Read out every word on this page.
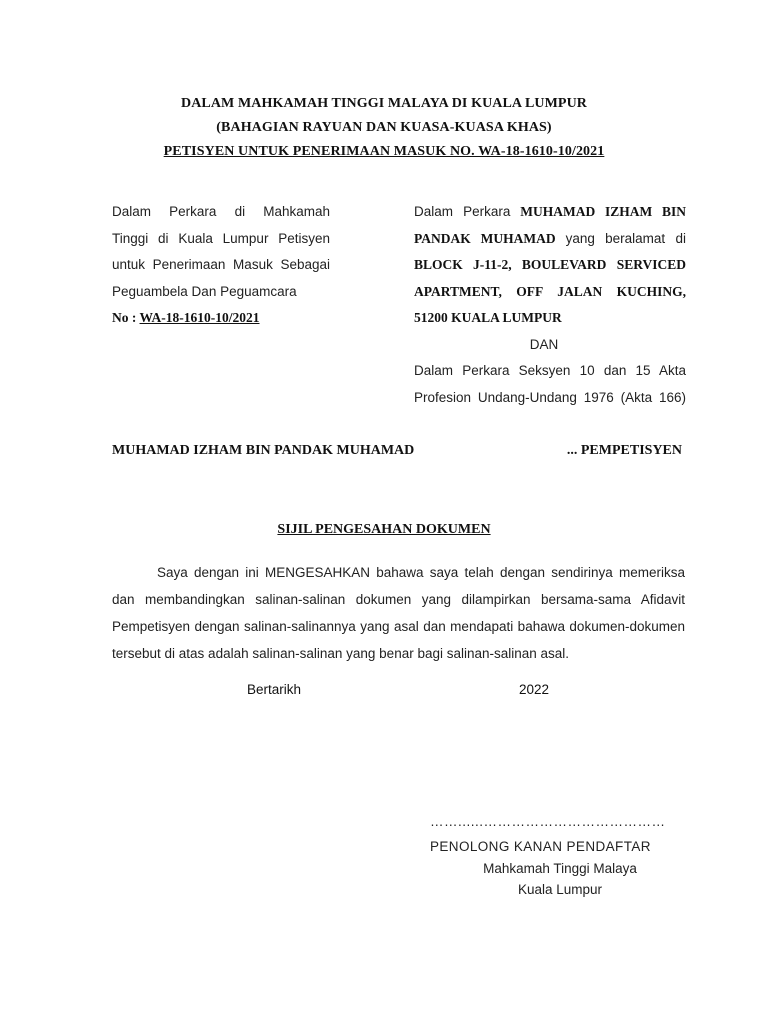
DALAM MAHKAMAH TINGGI MALAYA DI KUALA LUMPUR
(BAHAGIAN RAYUAN DAN KUASA-KUASA KHAS)
PETISYEN UNTUK PENERIMAAN MASUK NO. WA-18-1610-10/2021
Dalam Perkara di Mahkamah
Tinggi di Kuala Lumpur Petisyen
untuk Penerimaan Masuk Sebagai
Peguambela Dan Peguamcara
No : WA-18-1610-10/2021
Dalam Perkara MUHAMAD IZHAM BIN
PANDAK MUHAMAD yang beralamat di
BLOCK J-11-2, BOULEVARD SERVICED
APARTMENT, OFF JALAN KUCHING,
51200 KUALA LUMPUR
DAN
Dalam Perkara Seksyen 10 dan 15 Akta
Profesion Undang-Undang 1976 (Akta 166)
MUHAMAD IZHAM BIN PANDAK MUHAMAD	... PEMPETISYEN
SIJIL PENGESAHAN DOKUMEN
Saya dengan ini MENGESAHKAN bahawa saya telah dengan sendirinya memeriksa dan membandingkan salinan-salinan dokumen yang dilampirkan bersama-sama Afidavit Pempetisyen dengan salinan-salinannya yang asal dan mendapati bahawa dokumen-dokumen tersebut di atas adalah salinan-salinan yang benar bagi salinan-salinan asal.
Bertarikh	2022
……......…………………………………
PENOLONG KANAN PENDAFTAR
Mahkamah Tinggi Malaya
Kuala Lumpur
